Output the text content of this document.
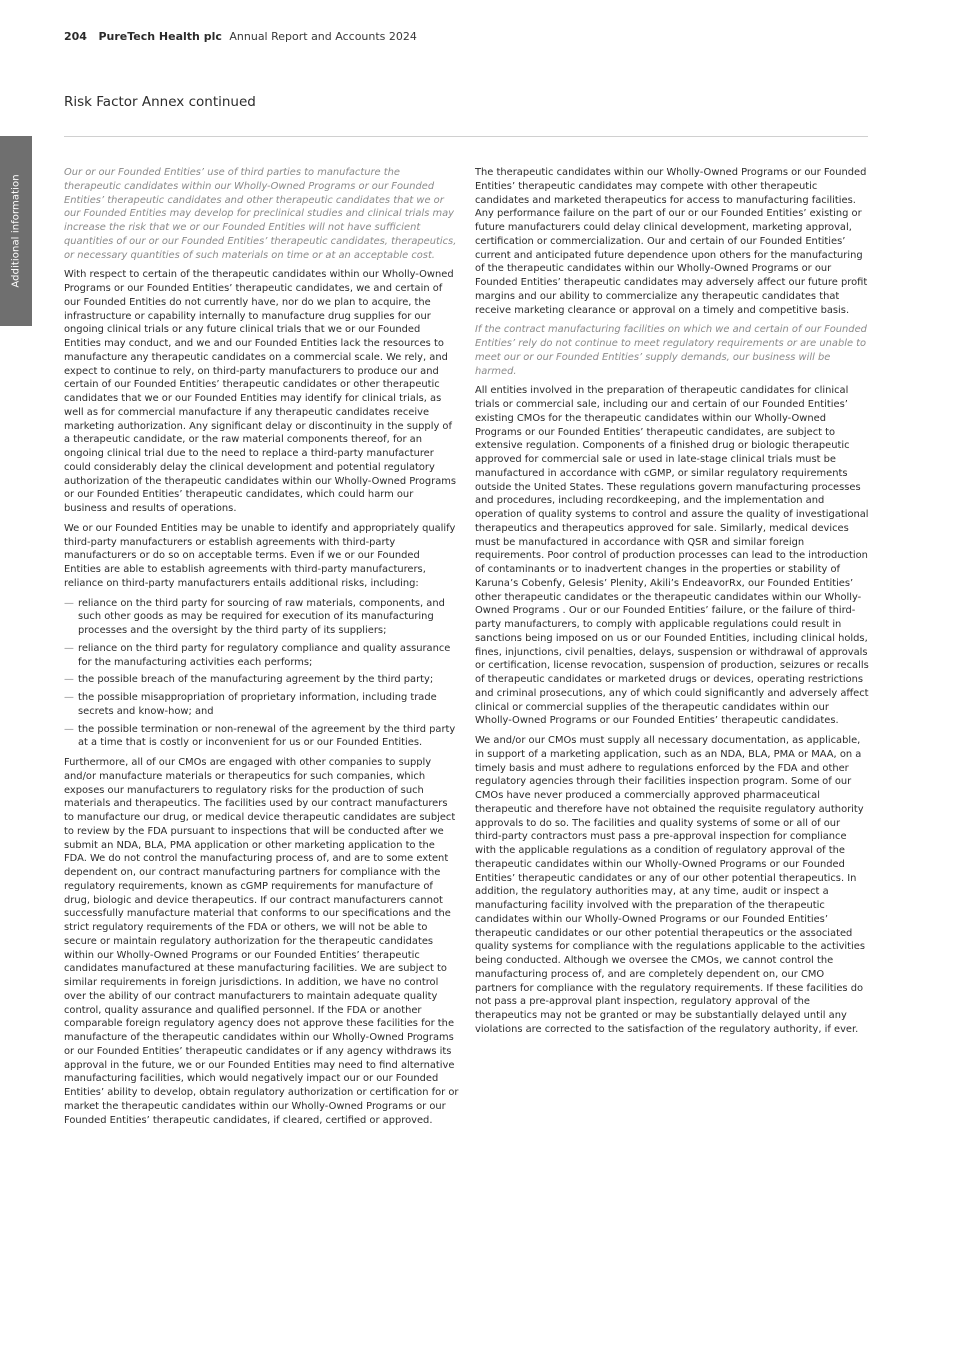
204 PureTech Health plc Annual Report and Accounts 2024
Risk Factor Annex continued
Additional information

Our or our Founded Entities’ use of third parties to manufacture the therapeutic candidates within our Wholly-Owned Programs or our Founded Entities’ therapeutic candidates and other therapeutic candidates that we or our Founded Entities may develop for preclinical studies and clinical trials may increase the risk that we or our Founded Entities will not have sufficient quantities of our or our Founded Entities’ therapeutic candidates, therapeutics, or necessary quantities of such materials on time or at an acceptable cost.

With respect to certain of the therapeutic candidates within our Wholly-Owned Programs or our Founded Entities’ therapeutic candidates, we and certain of our Founded Entities do not currently have, nor do we plan to acquire, the infrastructure or capability internally to manufacture drug supplies for our ongoing clinical trials or any future clinical trials that we or our Founded Entities may conduct, and we and our Founded Entities lack the resources to manufacture any therapeutic candidates on a commercial scale. We rely, and expect to continue to rely, on third-party manufacturers to produce our and certain of our Founded Entities’ therapeutic candidates or other therapeutic candidates that we or our Founded Entities may identify for clinical trials, as well as for commercial manufacture if any therapeutic candidates receive marketing authorization. Any significant delay or discontinuity in the supply of a therapeutic candidate, or the raw material components thereof, for an ongoing clinical trial due to the need to replace a third-party manufacturer could considerably delay the clinical development and potential regulatory authorization of the therapeutic candidates within our Wholly-Owned Programs or our Founded Entities’ therapeutic candidates, which could harm our business and results of operations.

We or our Founded Entities may be unable to identify and appropriately qualify third-party manufacturers or establish agreements with third-party manufacturers or do so on acceptable terms. Even if we or our Founded Entities are able to establish agreements with third-party manufacturers, reliance on third-party manufacturers entails additional risks, including:

— reliance on the third party for sourcing of raw materials, components, and such other goods as may be required for execution of its manufacturing processes and the oversight by the third party of its suppliers;
— reliance on the third party for regulatory compliance and quality assurance for the manufacturing activities each performs;
— the possible breach of the manufacturing agreement by the third party;
— the possible misappropriation of proprietary information, including trade secrets and know-how; and
— the possible termination or non-renewal of the agreement by the third party at a time that is costly or inconvenient for us or our Founded Entities.

Furthermore, all of our CMOs are engaged with other companies to supply and/or manufacture materials or therapeutics for such companies, which exposes our manufacturers to regulatory risks for the production of such materials and therapeutics. The facilities used by our contract manufacturers to manufacture our drug, or medical device therapeutic candidates are subject to review by the FDA pursuant to inspections that will be conducted after we submit an NDA, BLA, PMA application or other marketing application to the FDA. We do not control the manufacturing process of, and are to some extent dependent on, our contract manufacturing partners for compliance with the regulatory requirements, known as cGMP requirements for manufacture of drug, biologic and device therapeutics. If our contract manufacturers cannot successfully manufacture material that conforms to our specifications and the strict regulatory requirements of the FDA or others, we will not be able to secure or maintain regulatory authorization for the therapeutic candidates within our Wholly-Owned Programs or our Founded Entities’ therapeutic candidates manufactured at these manufacturing facilities. We are subject to similar requirements in foreign jurisdictions. In addition, we have no control over the ability of our contract manufacturers to maintain adequate quality control, quality assurance and qualified personnel. If the FDA or another comparable foreign regulatory agency does not approve these facilities for the manufacture of the therapeutic candidates within our Wholly-Owned Programs or our Founded Entities’ therapeutic candidates or if any agency withdraws its approval in the future, we or our Founded Entities may need to find alternative manufacturing facilities, which would negatively impact our or our Founded Entities’ ability to develop, obtain regulatory authorization or certification for or market the therapeutic candidates within our Wholly-Owned Programs or our Founded Entities’ therapeutic candidates, if cleared, certified or approved.

The therapeutic candidates within our Wholly-Owned Programs or our Founded Entities’ therapeutic candidates may compete with other therapeutic candidates and marketed therapeutics for access to manufacturing facilities. Any performance failure on the part of our or our Founded Entities’ existing or future manufacturers could delay clinical development, marketing approval, certification or commercialization. Our and certain of our Founded Entities’ current and anticipated future dependence upon others for the manufacturing of the therapeutic candidates within our Wholly-Owned Programs or our Founded Entities’ therapeutic candidates may adversely affect our future profit margins and our ability to commercialize any therapeutic candidates that receive marketing clearance or approval on a timely and competitive basis.

If the contract manufacturing facilities on which we and certain of our Founded Entities’ rely do not continue to meet regulatory requirements or are unable to meet our or our Founded Entities’ supply demands, our business will be harmed.

All entities involved in the preparation of therapeutic candidates for clinical trials or commercial sale, including our and certain of our Founded Entities’ existing CMOs for the therapeutic candidates within our Wholly-Owned Programs or our Founded Entities’ therapeutic candidates, are subject to extensive regulation. Components of a finished drug or biologic therapeutic approved for commercial sale or used in late-stage clinical trials must be manufactured in accordance with cGMP, or similar regulatory requirements outside the United States. These regulations govern manufacturing processes and procedures, including recordkeeping, and the implementation and operation of quality systems to control and assure the quality of investigational therapeutics and therapeutics approved for sale. Similarly, medical devices must be manufactured in accordance with QSR and similar foreign requirements. Poor control of production processes can lead to the introduction of contaminants or to inadvertent changes in the properties or stability of Karuna’s Cobenfy, Gelesis’ Plenity, Akili’s EndeavorRx, our Founded Entities’ other therapeutic candidates or the therapeutic candidates within our Wholly-Owned Programs . Our or our Founded Entities’ failure, or the failure of third-party manufacturers, to comply with applicable regulations could result in sanctions being imposed on us or our Founded Entities, including clinical holds, fines, injunctions, civil penalties, delays, suspension or withdrawal of approvals or certification, license revocation, suspension of production, seizures or recalls of therapeutic candidates or marketed drugs or devices, operating restrictions and criminal prosecutions, any of which could significantly and adversely affect clinical or commercial supplies of the therapeutic candidates within our Wholly-Owned Programs or our Founded Entities’ therapeutic candidates.

We and/or our CMOs must supply all necessary documentation, as applicable, in support of a marketing application, such as an NDA, BLA, PMA or MAA, on a timely basis and must adhere to regulations enforced by the FDA and other regulatory agencies through their facilities inspection program. Some of our CMOs have never produced a commercially approved pharmaceutical therapeutic and therefore have not obtained the requisite regulatory authority approvals to do so. The facilities and quality systems of some or all of our third-party contractors must pass a pre-approval inspection for compliance with the applicable regulations as a condition of regulatory approval of the therapeutic candidates within our Wholly-Owned Programs or our Founded Entities’ therapeutic candidates or any of our other potential therapeutics. In addition, the regulatory authorities may, at any time, audit or inspect a manufacturing facility involved with the preparation of the therapeutic candidates within our Wholly-Owned Programs or our Founded Entities’ therapeutic candidates or our other potential therapeutics or the associated quality systems for compliance with the regulations applicable to the activities being conducted. Although we oversee the CMOs, we cannot control the manufacturing process of, and are completely dependent on, our CMO partners for compliance with the regulatory requirements. If these facilities do not pass a pre-approval plant inspection, regulatory approval of the therapeutics may not be granted or may be substantially delayed until any violations are corrected to the satisfaction of the regulatory authority, if ever.
